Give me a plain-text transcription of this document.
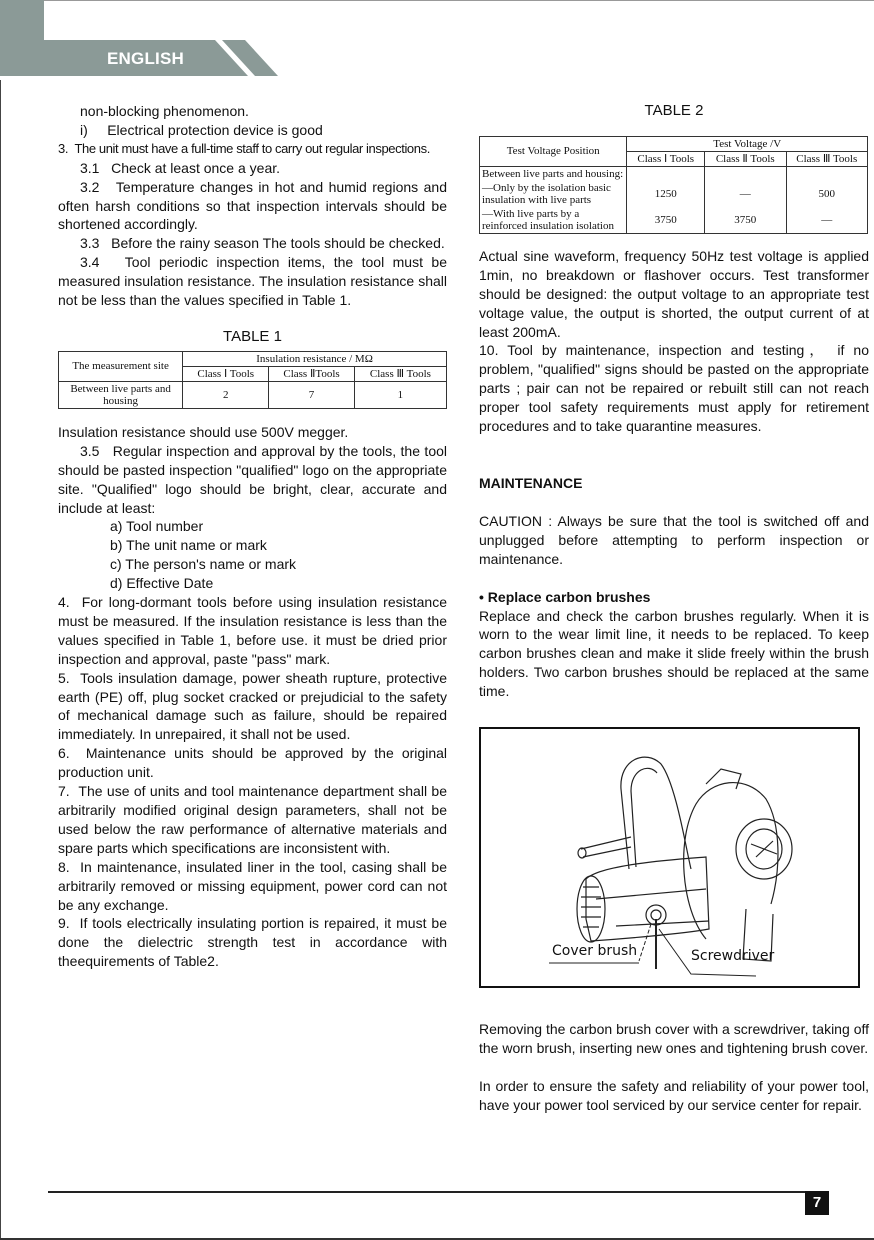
ENGLISH

non-blocking phenomenon.

i)     Electrical protection device is good

3.  The unit must have a full-time staff to carry out regular inspections.

3.1   Check at least once a year.

3.2   Temperature changes in hot and humid regions and often harsh conditions so that inspection intervals should be shortened accordingly.

3.3   Before the rainy season The tools should be checked.

3.4   Tool periodic inspection items, the tool must be measured insulation resistance. The insulation resistance shall not be less than the values specified in Table 1.

TABLE 1

The measurement site	Insulation resistance / MΩ		
	Class Ⅰ Tools	Class ⅡTools	Class Ⅲ Tools
Between live parts and housing	2	7	1

Insulation resistance should use 500V megger.

3.5   Regular inspection and approval by the tools, the tool should be pasted inspection "qualified" logo on the appropriate site. "Qualified" logo should be bright, clear, accurate and include at least:

a) Tool number

b) The unit name or mark

c) The person's name or mark

d) Effective Date

4.  For long-dormant tools before using insulation resistance must be measured. If the insulation resistance is less than the values specified in Table 1, before use. it must be dried prior inspection and approval, paste "pass" mark.

5.  Tools insulation damage, power sheath rupture, protective earth (PE) off, plug socket cracked or prejudicial to the safety of mechanical damage such as failure, should be repaired immediately. In unrepaired, it shall not be used.

6.  Maintenance units should be approved by the original production unit.

7.  The use of units and tool maintenance department shall be arbitrarily modified original design parameters, shall not be used below the raw performance of alternative materials and spare parts which specifications are inconsistent with.

8.  In maintenance, insulated liner in the tool, casing shall be arbitrarily removed or missing equipment, power cord can not be any exchange.

9.  If tools electrically insulating portion is repaired, it must be done the dielectric strength test in accordance with theequirements of Table2.

TABLE 2

Test Voltage Position	Test Voltage /V		
	Class Ⅰ Tools	Class Ⅱ Tools	Class Ⅲ Tools
Between live parts and housing:			
—Only by the isolation basic insulation with live parts	1250	—	500
—With live parts by a reinforced insulation isolation	3750	3750	—

Actual sine waveform, frequency 50Hz test voltage is applied 1min, no breakdown or flashover occurs. Test transformer should be designed: the output voltage to an appropriate test voltage value, the output is shorted, the output current of at least 200mA.

10. Tool by maintenance, inspection and testing， if no problem, "qualified" signs should be pasted on the appropriate parts ; pair can not be repaired or rebuilt still can not reach proper tool safety requirements must apply for retirement procedures and to take quarantine measures.

MAINTENANCE

CAUTION : Always be sure that the tool is switched off and unplugged before attempting to perform inspection or maintenance.

• Replace carbon brushes

Replace and check the carbon brushes regularly. When it is worn to the wear limit line, it needs to be replaced. To keep carbon brushes clean and make it slide freely within the brush holders. Two carbon brushes should be replaced at the same time.

Cover brush	Screwdriver

Removing the carbon brush cover with a screwdriver, taking off the worn brush, inserting new ones and tightening brush cover.

In order to ensure the safety and reliability of your power tool, have your power tool serviced by our service center for repair.

7
